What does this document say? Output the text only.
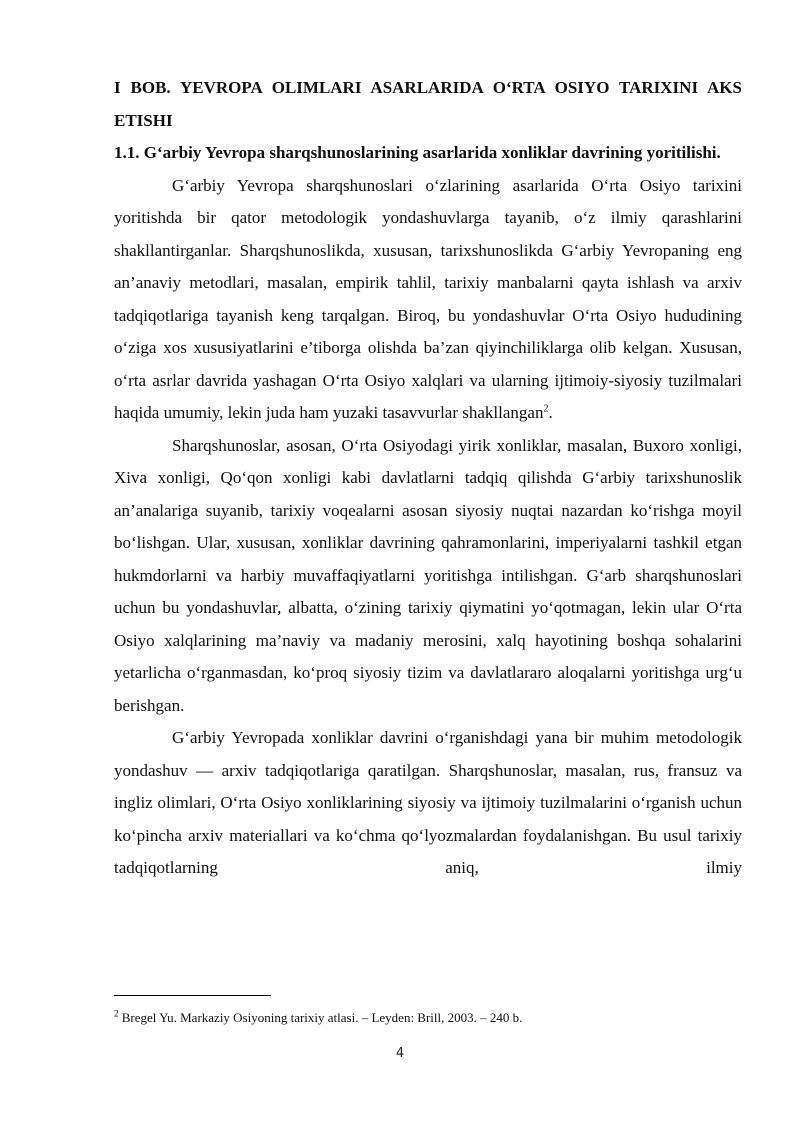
I BOB. YEVROPA OLIMLARI ASARLARIDA O‘RTA OSIYO TARIXINI AKS ETISHI

1.1. G‘arbiy Yevropa sharqshunoslarining asarlarida xonliklar davrining yoritilishi.

G‘arbiy Yevropa sharqshunoslari o‘zlarining asarlarida O‘rta Osiyo tarixini yoritishda bir qator metodologik yondashuvlarga tayanib, o‘z ilmiy qarashlarini shakllantirganlar. Sharqshunoslikda, xususan, tarixshunoslikda G‘arbiy Yevropaning eng an’anaviy metodlari, masalan, empirik tahlil, tarixiy manbalarni qayta ishlash va arxiv tadqiqotlariga tayanish keng tarqalgan. Biroq, bu yondashuvlar O‘rta Osiyo hududining o‘ziga xos xususiyatlarini e’tiborga olishda ba’zan qiyinchiliklarga olib kelgan. Xususan, o‘rta asrlar davrida yashagan O‘rta Osiyo xalqlari va ularning ijtimoiy-siyosiy tuzilmalari haqida umumiy, lekin juda ham yuzaki tasavvurlar shakllangan$^2$.

Sharqshunoslar, asosan, O‘rta Osiyodagi yirik xonliklar, masalan, Buxoro xonligi, Xiva xonligi, Qo‘qon xonligi kabi davlatlarni tadqiq qilishda G‘arbiy tarixshunoslik an’analariga suyanib, tarixiy voqealarni asosan siyosiy nuqtai nazardan ko‘rishga moyil bo‘lishgan. Ular, xususan, xonliklar davrining qahramonlarini, imperiyalarni tashkil etgan hukmdorlarni va harbiy muvaffaqiyatlarni yoritishga intilishgan. G‘arb sharqshunoslari uchun bu yondashuvlar, albatta, o‘zining tarixiy qiymatini yo‘qotmagan, lekin ular O‘rta Osiyo xalqlarining ma’naviy va madaniy merosini, xalq hayotining boshqa sohalarini yetarlicha o‘rganmasdan, ko‘proq siyosiy tizim va davlatlararo aloqalarni yoritishga urg‘u berishgan.

G‘arbiy Yevropada xonliklar davrini o‘rganishdagi yana bir muhim metodologik yondashuv — arxiv tadqiqotlariga qaratilgan. Sharqshunoslar, masalan, rus, fransuz va ingliz olimlari, O‘rta Osiyo xonliklarining siyosiy va ijtimoiy tuzilmalarini o‘rganish uchun ko‘pincha arxiv materiallari va ko‘chma qo‘lyozmalardan foydalanishgan. Bu usul tarixiy tadqiqotlarning aniq, ilmiy

$^2$ Bregel Yu. Markaziy Osiyoning tarixiy atlasi. – Leyden: Brill, 2003. – 240 b.
4
